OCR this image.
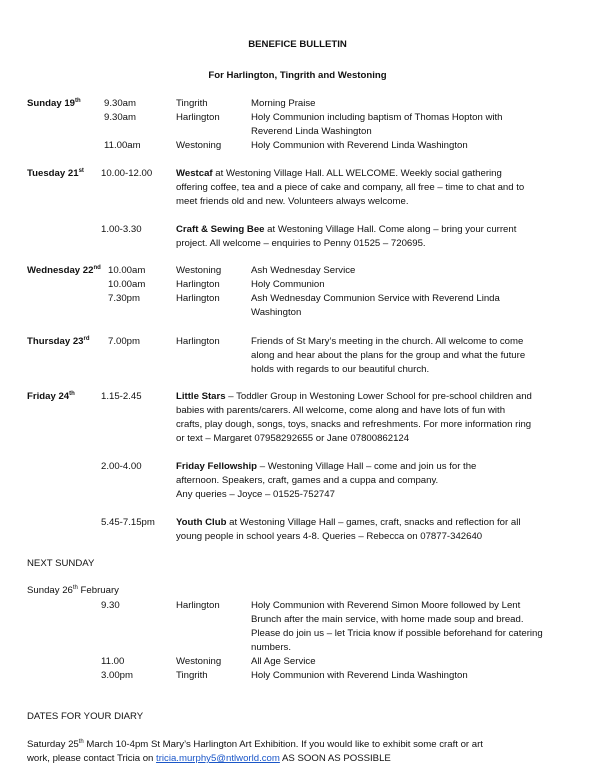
BENEFICE BULLETIN
For Harlington, Tingrith and Westoning
Sunday 19th 9.30am	Tingrith	Morning Praise
9.30am	Harlington	Holy Communion including baptism of Thomas Hopton with
Reverend Linda Washington
11.00am	Westoning	Holy Communion with Reverend Linda Washington
Tuesday 21st 10.00-12.00 Westcaf at Westoning Village Hall. ALL WELCOME. Weekly social gathering
offering coffee, tea and a piece of cake and company, all free – time to chat and to
meet friends old and new. Volunteers always welcome.
1.00-3.30	Craft & Sewing Bee at Westoning Village Hall. Come along – bring your current
project. All welcome – enquiries to Penny 01525 – 720695.
Wednesday 22nd 10.00am	Westoning	Ash Wednesday Service
10.00am	Harlington	Holy Communion
7.30pm	Harlington	Ash Wednesday Communion Service with Reverend Linda
Washington
Thursday 23rd 7.00pm	Harlington	Friends of St Mary’s meeting in the church. All welcome to come
along and hear about the plans for the group and what the future
holds with regards to our beautiful church.
Friday 24th	1.15-2.45	Little Stars – Toddler Group in Westoning Lower School for pre-school children and
babies with parents/carers. All welcome, come along and have lots of fun with
crafts, play dough, songs, toys, snacks and refreshments. For more information ring
or text – Margaret 07958292655 or Jane 07800862124
2.00-4.00	Friday Fellowship – Westoning Village Hall – come and join us for the
afternoon. Speakers, craft, games and a cuppa and company.
Any queries – Joyce – 01525-752747
5.45-7.15pm Youth Club at Westoning Village Hall – games, craft, snacks and reflection for all
young people in school years 4-8. Queries – Rebecca on 07877-342640
NEXT SUNDAY
Sunday 26th February
9.30	Harlington	Holy Communion with Reverend Simon Moore followed by Lent
Brunch after the main service, with home made soup and bread.
Please do join us – let Tricia know if possible beforehand for catering
numbers.
11.00	Westoning	All Age Service
3.00pm	Tingrith	Holy Communion with Reverend Linda Washington
DATES FOR YOUR DIARY
Saturday 25th March 10-4pm St Mary’s Harlington Art Exhibition. If you would like to exhibit some craft or art
work, please contact Tricia on tricia.murphy5@ntlworld.com AS SOON AS POSSIBLE
